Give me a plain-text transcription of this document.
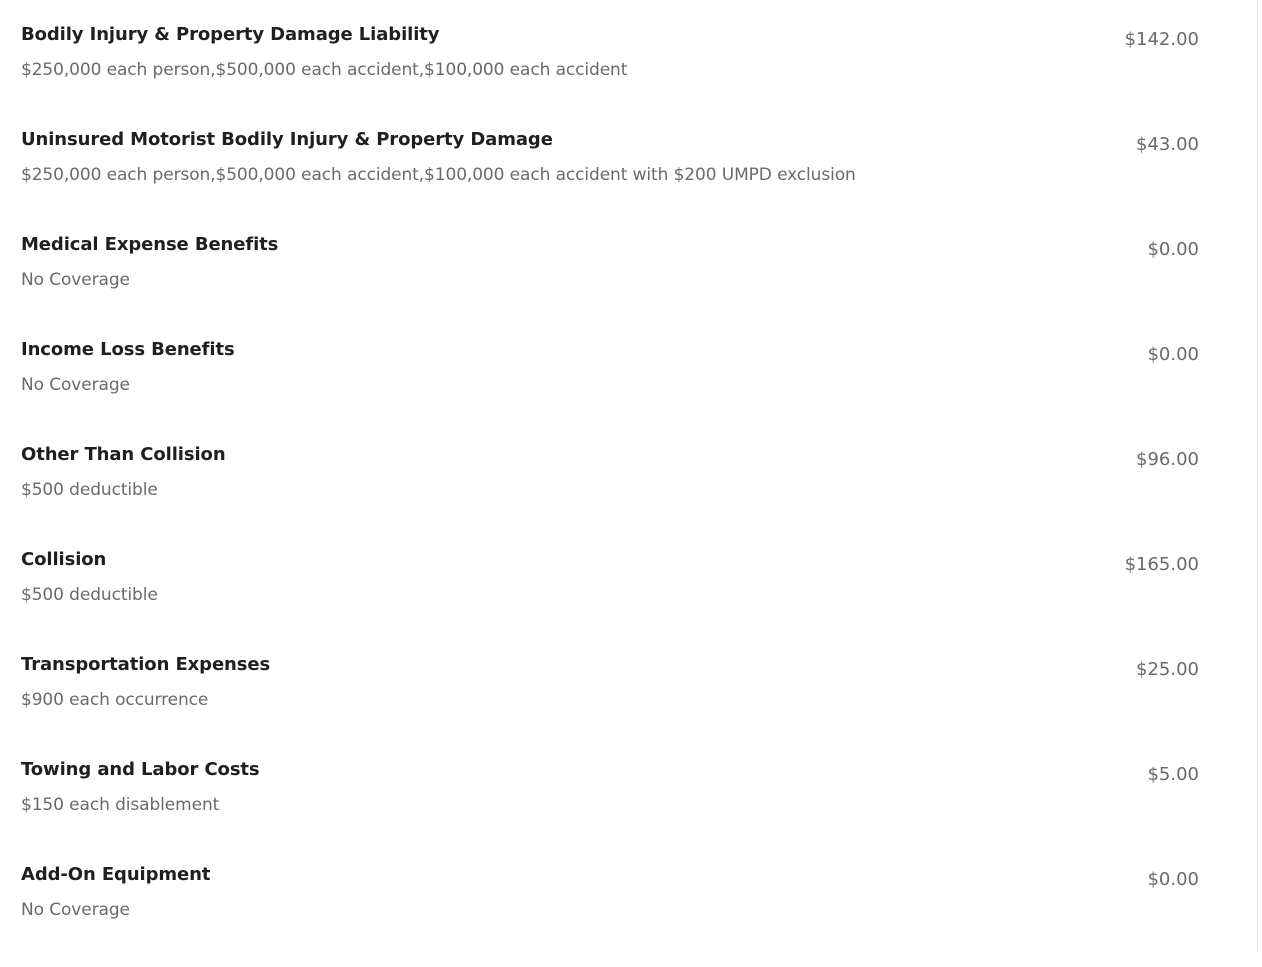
Bodily Injury & Property Damage Liability
$250,000 each person,$500,000 each accident,$100,000 each accident
$142.00
Uninsured Motorist Bodily Injury & Property Damage
$250,000 each person,$500,000 each accident,$100,000 each accident with $200 UMPD exclusion
$43.00
Medical Expense Benefits
No Coverage
$0.00
Income Loss Benefits
No Coverage
$0.00
Other Than Collision
$500 deductible
$96.00
Collision
$500 deductible
$165.00
Transportation Expenses
$900 each occurrence
$25.00
Towing and Labor Costs
$150 each disablement
$5.00
Add-On Equipment
No Coverage
$0.00
